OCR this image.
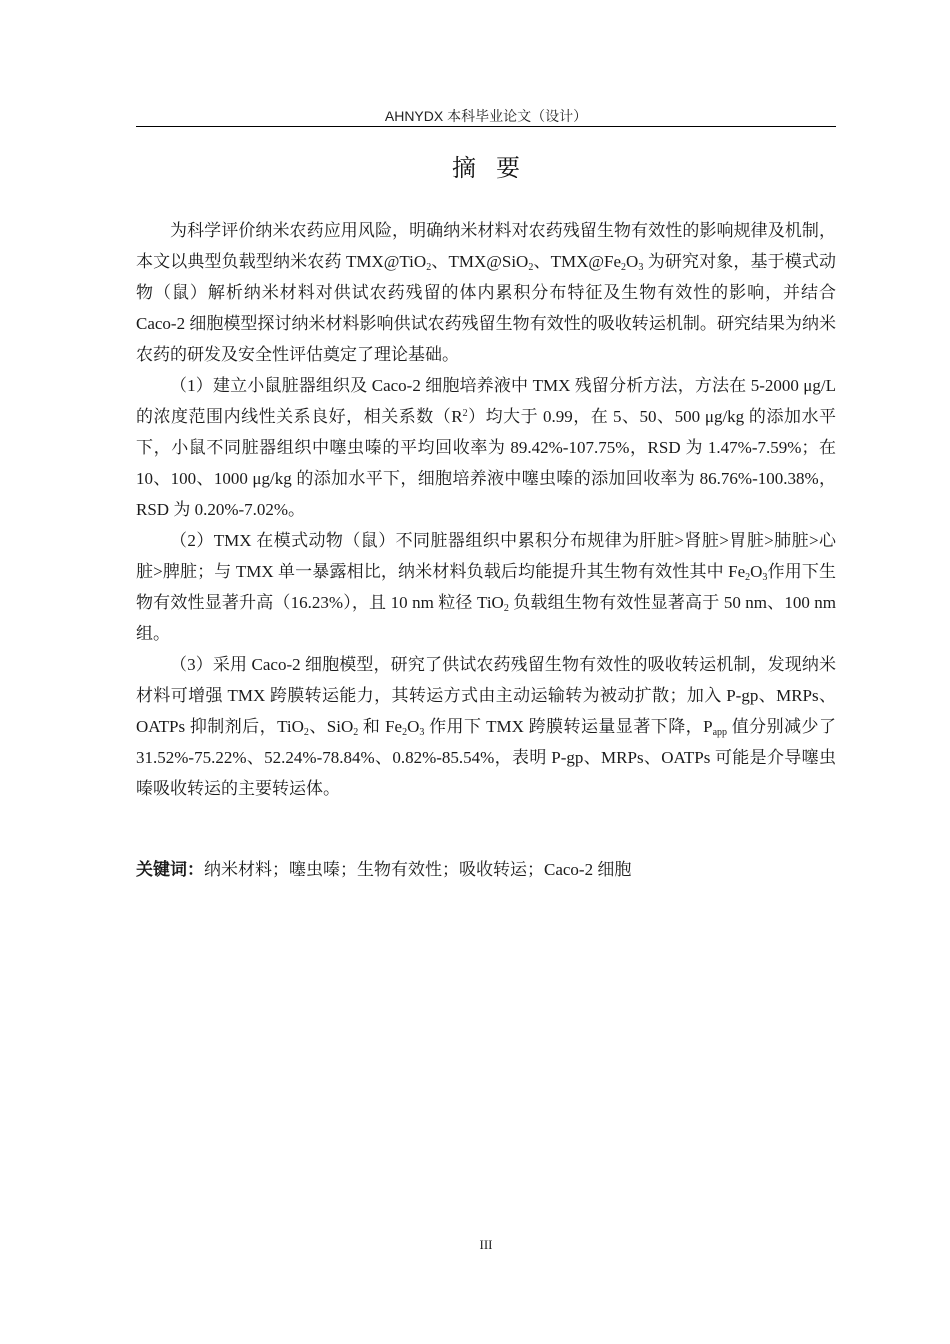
AHNYDX 本科毕业论文（设计）
摘要

为科学评价纳米农药应用风险，明确纳米材料对农药残留生物有效性的影响规律及机制，本文以典型负载型纳米农药 TMX@TiO$_2$、TMX@SiO$_2$、$TMX@Fe_2O_3$ 为研究对象，基于模式动物（鼠）解析纳米材料对供试农药残留的体内累积分布特征及生物有效性的影响，并结合 Caco-2 细胞模型探讨纳米材料影响供试农药残留生物有效性的吸收转运机制。研究结果为纳米农药的研发及安全性评估奠定了理论基础。

（1）建立小鼠脏器组织及 Caco-2 细胞培养液中 TMX 残留分析方法，方法在 5-2000 μg/L 的浓度范围内线性关系良好，相关系数$(R^2)$均大于 0.99，在 5、50、500 μg/kg 的添加水平下，小鼠不同脏器组织中噻虫嗪的平均回收率为 89.42%-107.75%，RSD 为 1.47%-7.59%；在 10、100、1000 μg/kg 的添加水平下，细胞培养液中噻虫嗪的添加回收率为 86.76%-100.38%，RSD 为 0.20%-7.02%。

（2）TMX 在模式动物（鼠）不同脏器组织中累积分布规律为肝脏>肾脏>胃脏>肺脏>心脏>脾脏；与 TMX 单一暴露相比，纳米材料负载后均能提升其生物有效性其中 $Fe_2O_3$作用下生物有效性显著升高（16.23%），且 10 nm 粒径 TiO$_2$ 负载组生物有效性显著高于 50 nm、100 nm 组。

（3）采用 Caco-2 细胞模型，研究了供试农药残留生物有效性的吸收转运机制，发现纳米材料可增强 TMX 跨膜转运能力，其转运方式由主动运输转为被动扩散；加入 P-gp、MRPs、OATPs 抑制剂后，TiO$_2$、SiO$_2$ 和 $Fe_2O_3$ 作用下 TMX 跨膜转运量显著下降，$P_{app}$ 值分别减少了 31.52%-75.22%、52.24%-78.84%、0.82%-85.54%，表明 P-gp、MRPs、OATPs 可能是介导噻虫嗪吸收转运的主要转运体。

关键词：纳米材料；噻虫嗪；生物有效性；吸收转运；Caco-2 细胞
III
